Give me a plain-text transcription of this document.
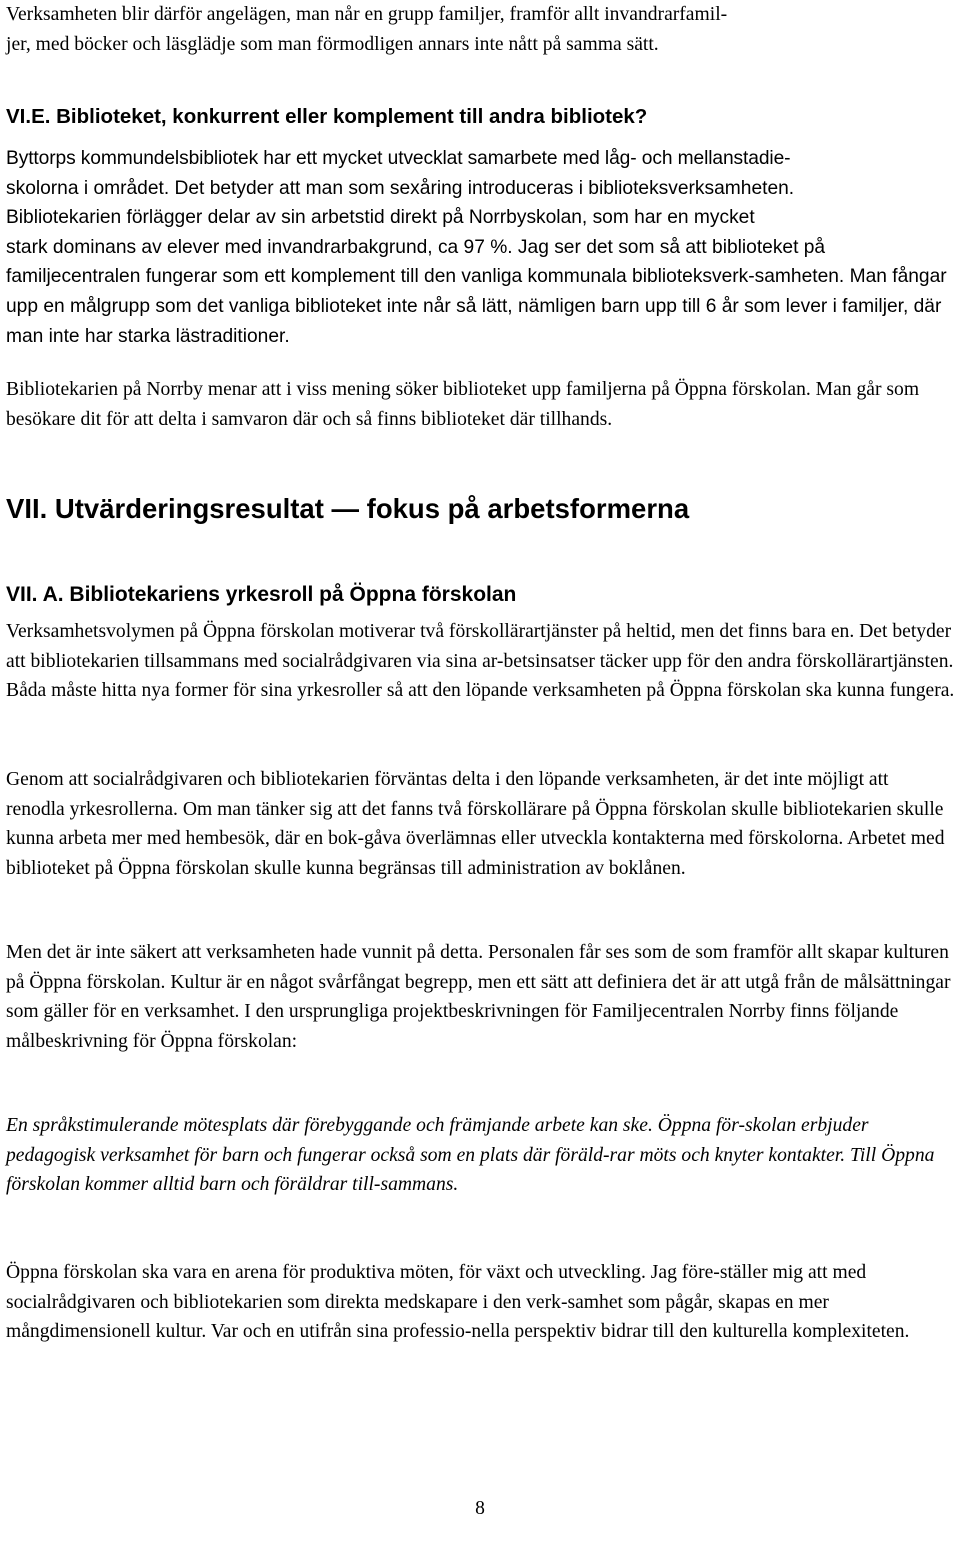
Verksamheten blir därför angelägen, man når en grupp familjer, framför allt invandrarfamil-

jer, med böcker och läsglädje som man förmodligen annars inte nått på samma sätt.

VI.E. Biblioteket, konkurrent eller komplement till andra bibliotek?

Byttorps kommundelsbibliotek har ett mycket utvecklat samarbete med låg- och mellanstadie-

skolorna i området. Det betyder att man som sexåring introduceras i biblioteksverksamheten.

Bibliotekarien förlägger delar av sin arbetstid direkt på Norrbyskolan, som har en mycket

stark dominans av elever med invandrarbakgrund, ca 97 %. Jag ser det som så att biblioteket på familjecentralen fungerar som ett komplement till den vanliga kommunala biblioteksverk-samheten. Man fångar upp en målgrupp som det vanliga biblioteket inte når så lätt, nämligen barn upp till 6 år som lever i familjer, där man inte har starka lästraditioner.

Bibliotekarien på Norrby menar att i viss mening söker biblioteket upp familjerna på Öppna förskolan. Man går som besökare dit för att delta i samvaron där och så finns biblioteket där tillhands.

VII. Utvärderingsresultat — fokus på arbetsformerna
VII. A. Bibliotekariens yrkesroll på Öppna förskolan

Verksamhetsvolymen på Öppna förskolan motiverar två förskollärartjänster på heltid, men det finns bara en. Det betyder att bibliotekarien tillsammans med socialrådgivaren via sina ar-betsinsatser täcker upp för den andra förskollärartjänsten. Båda måste hitta nya former för sina yrkesroller så att den löpande verksamheten på Öppna förskolan ska kunna fungera.

Genom att socialrådgivaren och bibliotekarien förväntas delta i den löpande verksamheten, är det inte möjligt att renodla yrkesrollerna. Om man tänker sig att det fanns två förskollärare på Öppna förskolan skulle bibliotekarien skulle kunna arbeta mer med hembesök, där en bok-gåva överlämnas eller utveckla kontakterna med förskolorna. Arbetet med biblioteket på Öppna förskolan skulle kunna begränsas till administration av boklånen.

Men det är inte säkert att verksamheten hade vunnit på detta. Personalen får ses som de som framför allt skapar kulturen på Öppna förskolan. Kultur är en något svårfångat begrepp, men ett sätt att definiera det är att utgå från de målsättningar som gäller för en verksamhet. I den ursprungliga projektbeskrivningen för Familjecentralen Norrby finns följande målbeskrivning för Öppna förskolan:

En språkstimulerande mötesplats där förebyggande och främjande arbete kan ske. Öppna för-skolan erbjuder pedagogisk verksamhet för barn och fungerar också som en plats där föräld-rar möts och knyter kontakter. Till Öppna förskolan kommer alltid barn och föräldrar till-sammans.

Öppna förskolan ska vara en arena för produktiva möten, för växt och utveckling. Jag före-ställer mig att med socialrådgivaren och bibliotekarien som direkta medskapare i den verk-samhet som pågår, skapas en mer mångdimensionell kultur. Var och en utifrån sina professio-nella perspektiv bidrar till den kulturella komplexiteten.

8
